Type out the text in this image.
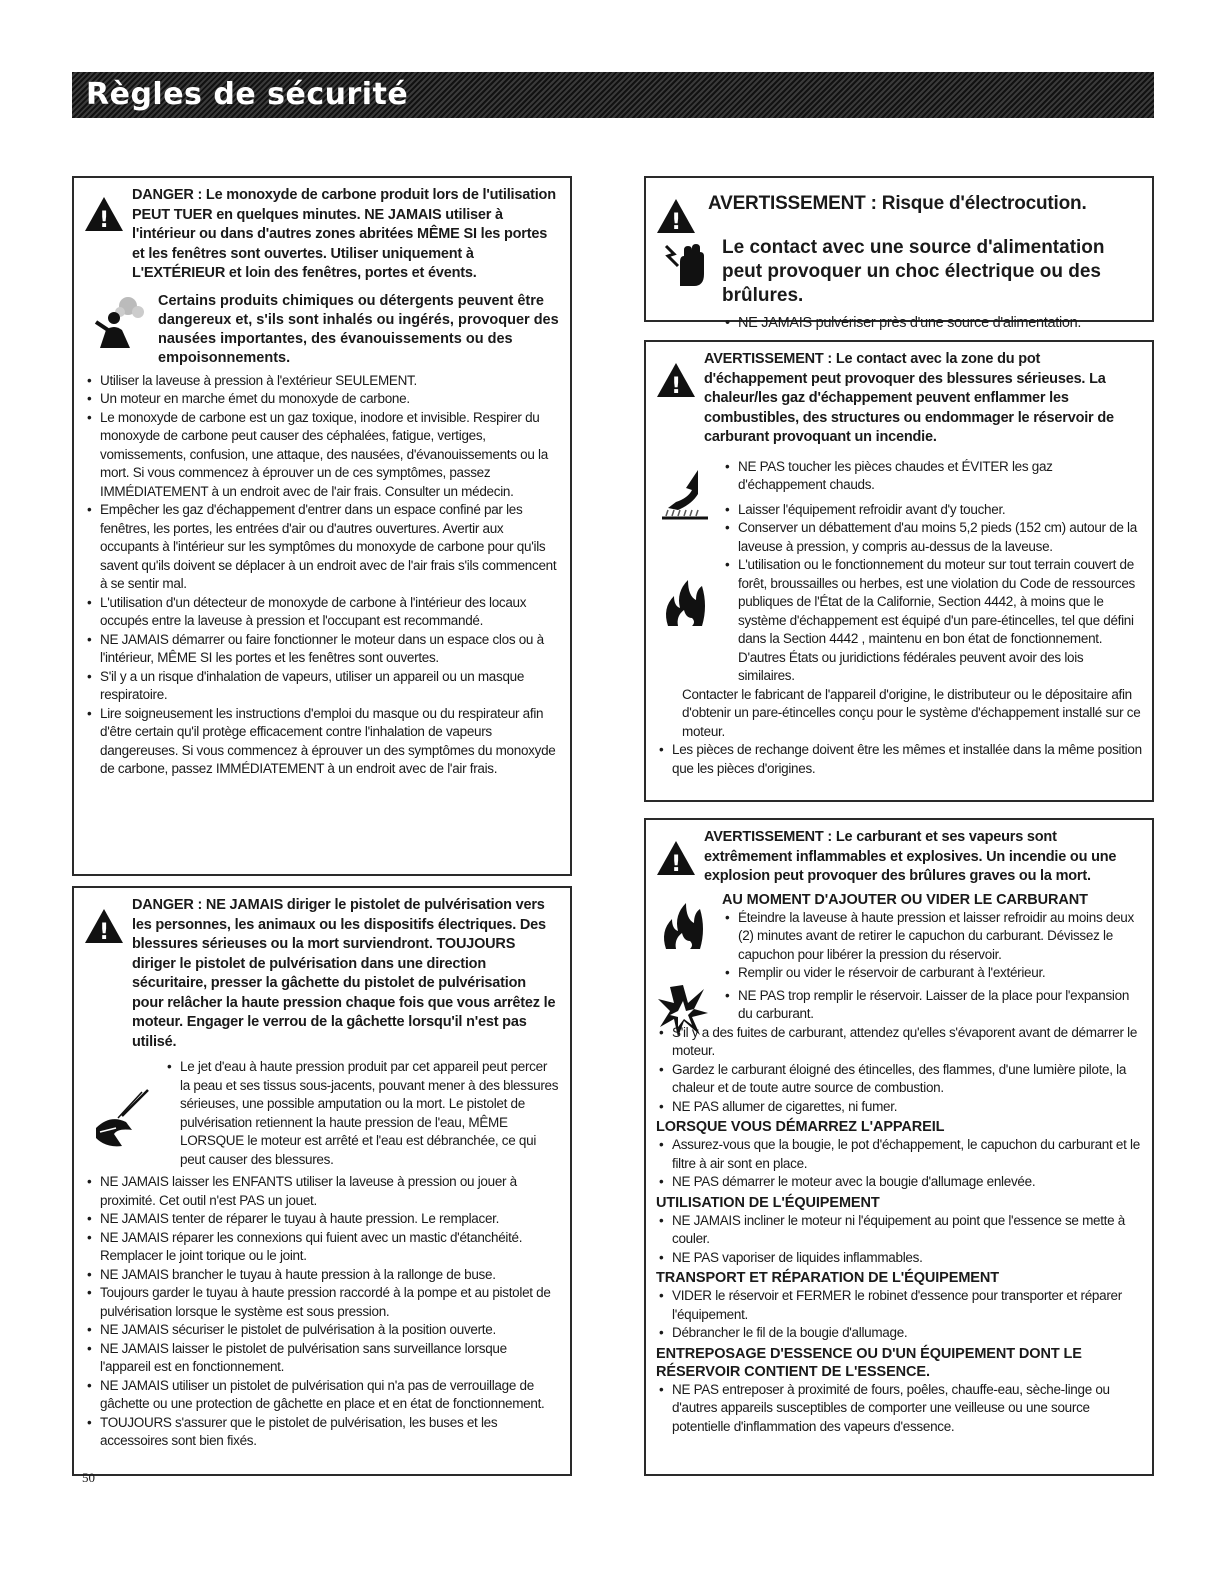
Règles de sécurité
!
DANGER : Le monoxyde de carbone produit lors de l'utilisation PEUT TUER en quelques minutes. NE JAMAIS utiliser à l'intérieur ou dans d'autres zones abritées MÊME SI les portes et les fenêtres sont ouvertes. Utiliser uniquement à L'EXTÉRIEUR et loin des fenêtres, portes et évents.
Certains produits chimiques ou détergents peuvent être dangereux et, s'ils sont inhalés ou ingérés, provoquer des nausées importantes, des évanouissements ou des empoisonnements.
• Utiliser la laveuse à pression à l'extérieur SEULEMENT.
• Un moteur en marche émet du monoxyde de carbone.
• Le monoxyde de carbone est un gaz toxique, inodore et invisible. Respirer du monoxyde de carbone peut causer des céphalées, fatigue, vertiges, vomissements, confusion, une attaque, des nausées, d'évanouissements ou la mort. Si vous commencez à éprouver un de ces symptômes, passez IMMÉDIATEMENT à un endroit avec de l'air frais. Consulter un médecin.
• Empêcher les gaz d'échappement d'entrer dans un espace confiné par les fenêtres, les portes, les entrées d'air ou d'autres ouvertures. Avertir aux occupants à l'intérieur sur les symptômes du monoxyde de carbone pour qu'ils savent qu'ils doivent se déplacer à un endroit avec de l'air frais s'ils commencent à se sentir mal.
• L'utilisation d'un détecteur de monoxyde de carbone à l'intérieur des locaux occupés entre la laveuse à pression et l'occupant est recommandé.
• NE JAMAIS démarrer ou faire fonctionner le moteur dans un espace clos ou à l'intérieur, MÊME SI les portes et les fenêtres sont ouvertes.
• S'il y a un risque d'inhalation de vapeurs, utiliser un appareil ou un masque respiratoire.
• Lire soigneusement les instructions d'emploi du masque ou du respirateur afin d'être certain qu'il protège efficacement contre l'inhalation de vapeurs dangereuses. Si vous commencez à éprouver un des symptômes du monoxyde de carbone, passez IMMÉDIATEMENT à un endroit avec de l'air frais.
!
DANGER : NE JAMAIS diriger le pistolet de pulvérisation vers les personnes, les animaux ou les dispositifs électriques. Des blessures sérieuses ou la mort surviendront. TOUJOURS diriger le pistolet de pulvérisation dans une direction sécuritaire, presser la gâchette du pistolet de pulvérisation pour relâcher la haute pression chaque fois que vous arrêtez le moteur. Engager le verrou de la gâchette lorsqu'il n'est pas utilisé.
• Le jet d'eau à haute pression produit par cet appareil peut percer la peau et ses tissus sous-jacents, pouvant mener à des blessures sérieuses, une possible amputation ou la mort. Le pistolet de pulvérisation retiennent la haute pression de l'eau, MÊME LORSQUE le moteur est arrêté et l'eau est débranchée, ce qui peut causer des blessures.
• NE JAMAIS laisser les ENFANTS utiliser la laveuse à pression ou jouer à proximité. Cet outil n'est PAS un jouet.
• NE JAMAIS tenter de réparer le tuyau à haute pression. Le remplacer.
• NE JAMAIS réparer les connexions qui fuient avec un mastic d'étanchéité. Remplacer le joint torique ou le joint.
• NE JAMAIS brancher le tuyau à haute pression à la rallonge de buse.
• Toujours garder le tuyau à haute pression raccordé à la pompe et au pistolet de pulvérisation lorsque le système est sous pression.
• NE JAMAIS sécuriser le pistolet de pulvérisation à la position ouverte.
• NE JAMAIS laisser le pistolet de pulvérisation sans surveillance lorsque l'appareil est en fonctionnement.
• NE JAMAIS utiliser un pistolet de pulvérisation qui n'a pas de verrouillage de gâchette ou une protection de gâchette en place et en état de fonctionnement.
• TOUJOURS s'assurer que le pistolet de pulvérisation, les buses et les accessoires sont bien fixés.
!
AVERTISSEMENT : Risque d'électrocution.
Le contact avec une source d'alimentation peut provoquer un choc électrique ou des brûlures.
• NE JAMAIS pulvériser près d'une source d'alimentation.
!
AVERTISSEMENT : Le contact avec la zone du pot d'échappement peut provoquer des blessures sérieuses. La chaleur/les gaz d'échappement peuvent enflammer les combustibles, des structures ou endommager le réservoir de carburant provoquant un incendie.
• NE PAS toucher les pièces chaudes et ÉVITER les gaz d'échappement chauds.
• Laisser l'équipement refroidir avant d'y toucher.
• Conserver un débattement d'au moins 5,2 pieds (152 cm) autour de la laveuse à pression, y compris au-dessus de la laveuse.
• L'utilisation ou le fonctionnement du moteur sur tout terrain couvert de forêt, broussailles ou herbes, est une violation du Code de ressources publiques de l'État de la Californie, Section 4442, à moins que le système d'échappement est équipé d'un pare-étincelles, tel que défini dans la Section 4442 , maintenu en bon état de fonctionnement. D'autres États ou juridictions fédérales peuvent avoir des lois similaires.

Contacter le fabricant de l'appareil d'origine, le distributeur ou le dépositaire afin d'obtenir un pare-étincelles conçu pour le système d'échappement installé sur ce moteur.

• Les pièces de rechange doivent être les mêmes et installée dans la même position que les pièces d'origines.
!
AVERTISSEMENT : Le carburant et ses vapeurs sont extrêmement inflammables et explosives. Un incendie ou une explosion peut provoquer des brûlures graves ou la mort.
AU MOMENT D'AJOUTER OU VIDER LE CARBURANT
• Éteindre la laveuse à haute pression et laisser refroidir au moins deux (2) minutes avant de retirer le capuchon du carburant. Dévissez le capuchon pour libérer la pression du réservoir.
• Remplir ou vider le réservoir de carburant à l'extérieur.
• NE PAS trop remplir le réservoir. Laisser de la place pour l'expansion du carburant.
• S'il y a des fuites de carburant, attendez qu'elles s'évaporent avant de démarrer le moteur.
• Gardez le carburant éloigné des étincelles, des flammes, d'une lumière pilote, la chaleur et de toute autre source de combustion.
• NE PAS allumer de cigarettes, ni fumer.
LORSQUE VOUS DÉMARREZ L'APPAREIL
• Assurez-vous que la bougie, le pot d'échappement, le capuchon du carburant et le filtre à air sont en place.
• NE PAS démarrer le moteur avec la bougie d'allumage enlevée.
UTILISATION DE L'ÉQUIPEMENT
• NE JAMAIS incliner le moteur ni l'équipement au point que l'essence se mette à couler.
• NE PAS vaporiser de liquides inflammables.
TRANSPORT ET RÉPARATION DE L'ÉQUIPEMENT
• VIDER le réservoir et FERMER le robinet d'essence pour transporter et réparer l'équipement.
• Débrancher le fil de la bougie d'allumage.
ENTREPOSAGE D'ESSENCE OU D'UN ÉQUIPEMENT DONT LE RÉSERVOIR CONTIENT DE L'ESSENCE.
• NE PAS entreposer à proximité de fours, poêles, chauffe-eau, sèche-linge ou d'autres appareils susceptibles de comporter une veilleuse ou une source potentielle d'inflammation des vapeurs d'essence.
50
